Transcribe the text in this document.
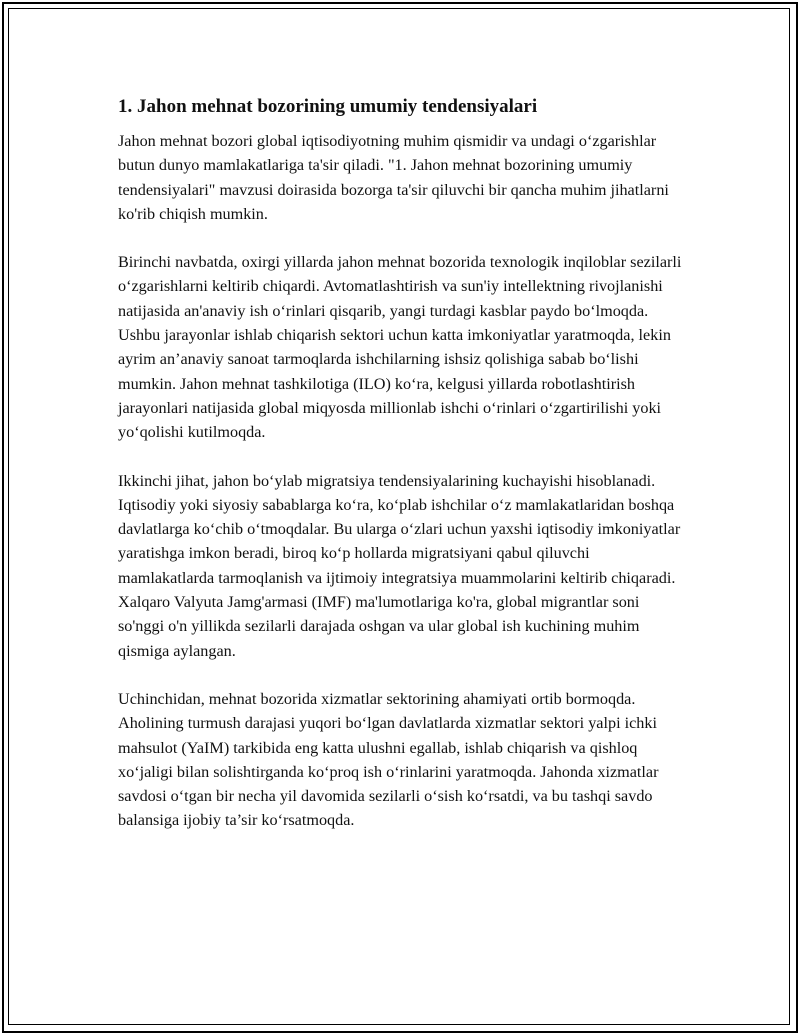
1. Jahon mehnat bozorining umumiy tendensiyalari

Jahon mehnat bozori global iqtisodiyotning muhim qismidir va undagi o‘zgarishlar butun dunyo mamlakatlariga ta'sir qiladi. "1. Jahon mehnat bozorining umumiy tendensiyalari" mavzusi doirasida bozorga ta'sir qiluvchi bir qancha muhim jihatlarni ko'rib chiqish mumkin.

Birinchi navbatda, oxirgi yillarda jahon mehnat bozorida texnologik inqiloblar sezilarli o‘zgarishlarni keltirib chiqardi. Avtomatlashtirish va sun'iy intellektning rivojlanishi natijasida an'anaviy ish o‘rinlari qisqarib, yangi turdagi kasblar paydo bo‘lmoqda. Ushbu jarayonlar ishlab chiqarish sektori uchun katta imkoniyatlar yaratmoqda, lekin ayrim an’anaviy sanoat tarmoqlarda ishchilarning ishsiz qolishiga sabab bo‘lishi mumkin. Jahon mehnat tashkilotiga (ILO) ko‘ra, kelgusi yillarda robotlashtirish jarayonlari natijasida global miqyosda millionlab ishchi o‘rinlari o‘zgartirilishi yoki yo‘qolishi kutilmoqda.

Ikkinchi jihat, jahon bo‘ylab migratsiya tendensiyalarining kuchayishi hisoblanadi. Iqtisodiy yoki siyosiy sabablarga ko‘ra, ko‘plab ishchilar o‘z mamlakatlaridan boshqa davlatlarga ko‘chib o‘tmoqdalar. Bu ularga o‘zlari uchun yaxshi iqtisodiy imkoniyatlar yaratishga imkon beradi, biroq ko‘p hollarda migratsiyani qabul qiluvchi mamlakatlarda tarmoqlanish va ijtimoiy integratsiya muammolarini keltirib chiqaradi. Xalqaro Valyuta Jamg'armasi (IMF) ma'lumotlariga ko'ra, global migrantlar soni so'nggi o'n yillikda sezilarli darajada oshgan va ular global ish kuchining muhim qismiga aylangan.

Uchinchidan, mehnat bozorida xizmatlar sektorining ahamiyati ortib bormoqda. Aholining turmush darajasi yuqori bo‘lgan davlatlarda xizmatlar sektori yalpi ichki mahsulot (YaIM) tarkibida eng katta ulushni egallab, ishlab chiqarish va qishloq xo‘jaligi bilan solishtirganda ko‘proq ish o‘rinlarini yaratmoqda. Jahonda xizmatlar savdosi o‘tgan bir necha yil davomida sezilarli o‘sish ko‘rsatdi, va bu tashqi savdo balansiga ijobiy ta’sir ko‘rsatmoqda.
